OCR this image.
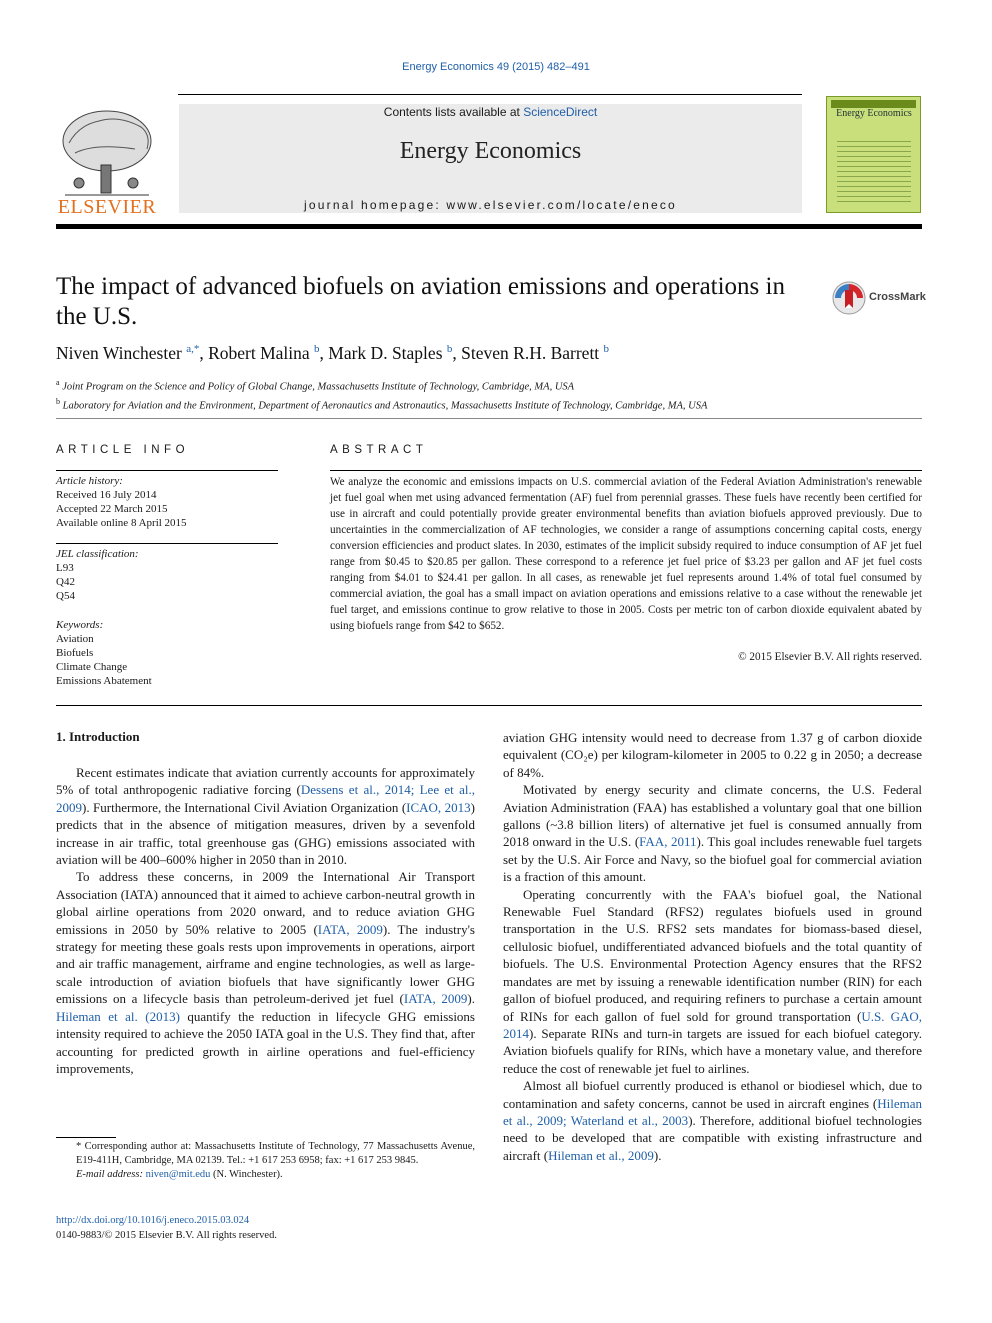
Energy Economics 49 (2015) 482–491
ELSEVIER
Contents lists available at ScienceDirect
Energy Economics
journal homepage: www.elsevier.com/locate/eneco
Energy Economics
The impact of advanced biofuels on aviation emissions and operations in the U.S.
CrossMark
Niven Winchester $^{a,*}$, Robert Malina $^b$, Mark D. Staples $^b$, Steven R.H. Barrett $^b$
$^a$ Joint Program on the Science and Policy of Global Change, Massachusetts Institute of Technology, Cambridge, MA, USA
$^b$ Laboratory for Aviation and the Environment, Department of Aeronautics and Astronautics, Massachusetts Institute of Technology, Cambridge, MA, USA
ARTICLE INFO
Article history:
Received 16 July 2014
Accepted 22 March 2015
Available online 8 April 2015
JEL classification:
L93
Q42
Q54
Keywords:
Aviation
Biofuels
Climate Change
Emissions Abatement
ABSTRACT
We analyze the economic and emissions impacts on U.S. commercial aviation of the Federal Aviation Administration's renewable jet fuel goal when met using advanced fermentation (AF) fuel from perennial grasses. These fuels have recently been certified for use in aircraft and could potentially provide greater environmental benefits than aviation biofuels approved previously. Due to uncertainties in the commercialization of AF technologies, we consider a range of assumptions concerning capital costs, energy conversion efficiencies and product slates. In 2030, estimates of the implicit subsidy required to induce consumption of AF jet fuel range from $0.45 to $20.85 per gallon. These correspond to a reference jet fuel price of $3.23 per gallon and AF jet fuel costs ranging from $4.01 to $24.41 per gallon. In all cases, as renewable jet fuel represents around 1.4% of total fuel consumed by commercial aviation, the goal has a small impact on aviation operations and emissions relative to a case without the renewable jet fuel target, and emissions continue to grow relative to those in 2005. Costs per metric ton of carbon dioxide equivalent abated by using biofuels range from $42 to $652.
© 2015 Elsevier B.V. All rights reserved.
1. Introduction

Recent estimates indicate that aviation currently accounts for approximately 5% of total anthropogenic radiative forcing (Dessens et al., 2014; Lee et al., 2009). Furthermore, the International Civil Aviation Organization (ICAO, 2013) predicts that in the absence of mitigation measures, driven by a sevenfold increase in air traffic, total greenhouse gas (GHG) emissions associated with aviation will be 400–600% higher in 2050 than in 2010.

To address these concerns, in 2009 the International Air Transport Association (IATA) announced that it aimed to achieve carbon-neutral growth in global airline operations from 2020 onward, and to reduce aviation GHG emissions in 2050 by 50% relative to 2005 (IATA, 2009). The industry's strategy for meeting these goals rests upon improvements in operations, airport and air traffic management, airframe and engine technologies, as well as large-scale introduction of aviation biofuels that have significantly lower GHG emissions on a lifecycle basis than petroleum-derived jet fuel (IATA, 2009). Hileman et al. (2013) quantify the reduction in lifecycle GHG emissions intensity required to achieve the 2050 IATA goal in the U.S. They find that, after accounting for predicted growth in airline operations and fuel-efficiency improvements,

aviation GHG intensity would need to decrease from 1.37 g of carbon dioxide equivalent (CO₂e) per kilogram-kilometer in 2005 to 0.22 g in 2050; a decrease of 84%.

Motivated by energy security and climate concerns, the U.S. Federal Aviation Administration (FAA) has established a voluntary goal that one billion gallons (~3.8 billion liters) of alternative jet fuel is consumed annually from 2018 onward in the U.S. (FAA, 2011). This goal includes renewable fuel targets set by the U.S. Air Force and Navy, so the biofuel goal for commercial aviation is a fraction of this amount.

Operating concurrently with the FAA's biofuel goal, the National Renewable Fuel Standard (RFS2) regulates biofuels used in ground transportation in the U.S. RFS2 sets mandates for biomass-based diesel, cellulosic biofuel, undifferentiated advanced biofuels and the total quantity of biofuels. The U.S. Environmental Protection Agency ensures that the RFS2 mandates are met by issuing a renewable identification number (RIN) for each gallon of biofuel produced, and requiring refiners to purchase a certain amount of RINs for each gallon of fuel sold for ground transportation (U.S. GAO, 2014). Separate RINs and turn-in targets are issued for each biofuel category. Aviation biofuels qualify for RINs, which have a monetary value, and therefore reduce the cost of renewable jet fuel to airlines.

Almost all biofuel currently produced is ethanol or biodiesel which, due to contamination and safety concerns, cannot be used in aircraft engines (Hileman et al., 2009; Waterland et al., 2003). Therefore, additional biofuel technologies need to be developed that are compatible with existing infrastructure and aircraft (Hileman et al., 2009).

* Corresponding author at: Massachusetts Institute of Technology, 77 Massachusetts Avenue, E19-411H, Cambridge, MA 02139. Tel.: +1 617 253 6958; fax: +1 617 253 9845.
E-mail address: niven@mit.edu (N. Winchester).
http://dx.doi.org/10.1016/j.eneco.2015.03.024
0140-9883/© 2015 Elsevier B.V. All rights reserved.
